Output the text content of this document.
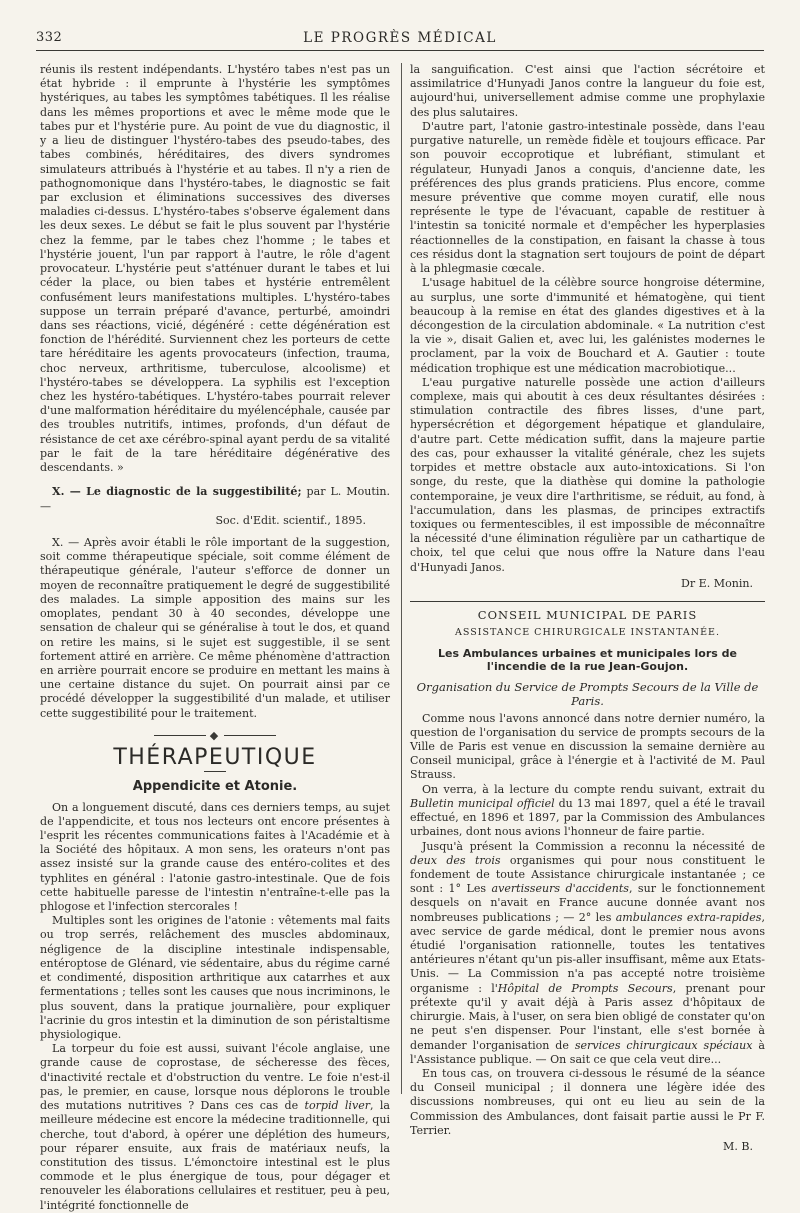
332	LE PROGRÈS MÉDICAL

réunis ils restent indépendants. L'hystéro tabes n'est pas un état hybride : il emprunte à l'hystérie les symptômes hystériques, au tabes les symptômes tabétiques. Il les réalise dans les mêmes proportions et avec le même mode que le tabes pur et l'hystérie pure. Au point de vue du diagnostic, il y a lieu de distinguer l'hystéro-tabes des pseudo-tabes, des tabes combinés, héréditaires, des divers syndromes simulateurs attribués à l'hystérie et au tabes. Il n'y a rien de pathognomonique dans l'hystéro-tabes, le diagnostic se fait par exclusion et éliminations successives des diverses maladies ci-dessus. L'hystéro-tabes s'observe également dans les deux sexes. Le début se fait le plus souvent par l'hystérie chez la femme, par le tabes chez l'homme ; le tabes et l'hystérie jouent, l'un par rapport à l'autre, le rôle d'agent provocateur. L'hystérie peut s'atténuer durant le tabes et lui céder la place, ou bien tabes et hystérie entremêlent confusément leurs manifestations multiples. L'hystéro-tabes suppose un terrain préparé d'avance, perturbé, amoindri dans ses réactions, vicié, dégénéré : cette dégénération est fonction de l'hérédité. Surviennent chez les porteurs de cette tare héréditaire les agents provocateurs (infection, trauma, choc nerveux, arthritisme, tuberculose, alcoolisme) et l'hystéro-tabes se développera. La syphilis est l'exception chez les hystéro-tabétiques. L'hystéro-tabes pourrait relever d'une malformation héréditaire du myélencéphale, causée par des troubles nutritifs, intimes, profonds, d'un défaut de résistance de cet axe cérébro-spinal ayant perdu de sa vitalité par le fait de la tare héréditaire dégénérative des descendants. »

X. — Le diagnostic de la suggestibilité; par L. Moutin. —

Soc. d'Edit. scientif., 1895.

X. — Après avoir établi le rôle important de la suggestion, soit comme thérapeutique spéciale, soit comme élément de thérapeutique générale, l'auteur s'efforce de donner un moyen de reconnaître pratiquement le degré de suggestibilité des malades. La simple apposition des mains sur les omoplates, pendant 30 à 40 secondes, développe une sensation de chaleur qui se généralise à tout le dos, et quand on retire les mains, si le sujet est suggestible, il se sent fortement attiré en arrière. Ce même phénomène d'attraction en arrière pourrait encore se produire en mettant les mains à une certaine distance du sujet. On pourrait ainsi par ce procédé développer la suggestibilité d'un malade, et utiliser cette suggestibilité pour le traitement.

◆
THÉRAPEUTIQUE
Appendicite et Atonie.

On a longuement discuté, dans ces derniers temps, au sujet de l'appendicite, et tous nos lecteurs ont encore présentes à l'esprit les récentes communications faites à l'Académie et à la Société des hôpitaux. A mon sens, les orateurs n'ont pas assez insisté sur la grande cause des entéro-colites et des typhlites en général : l'atonie gastro-intestinale. Que de fois cette habituelle paresse de l'intestin n'entraîne-t-elle pas la phlogose et l'infection stercorales !

Multiples sont les origines de l'atonie : vêtements mal faits ou trop serrés, relâchement des muscles abdominaux, négligence de la discipline intestinale indispensable, entéroptose de Glénard, vie sédentaire, abus du régime carné et condimenté, disposition arthritique aux catarrhes et aux fermentations ; telles sont les causes que nous incriminons, le plus souvent, dans la pratique journalière, pour expliquer l'acrinie du gros intestin et la diminution de son péristaltisme physiologique.

La torpeur du foie est aussi, suivant l'école anglaise, une grande cause de coprostase, de sécheresse des fèces, d'inactivité rectale et d'obstruction du ventre. Le foie n'est-il pas, le premier, en cause, lorsque nous déplorons le trouble des mutations nutritives ? Dans ces cas de torpid liver, la meilleure médecine est encore la médecine traditionnelle, qui cherche, tout d'abord, à opérer une déplétion des humeurs, pour réparer ensuite, aux frais de matériaux neufs, la constitution des tissus. L'émonctoire intestinal est le plus commode et le plus énergique de tous, pour dégager et renouveler les élaborations cellulaires et restituer, peu à peu, l'intégrité fonctionnelle de

la sanguification. C'est ainsi que l'action sécrétoire et assimilatrice d'Hunyadi Janos contre la langueur du foie est, aujourd'hui, universellement admise comme une prophylaxie des plus salutaires.

D'autre part, l'atonie gastro-intestinale possède, dans l'eau purgative naturelle, un remède fidèle et toujours efficace. Par son pouvoir eccoprotique et lubréfiant, stimulant et régulateur, Hunyadi Janos a conquis, d'ancienne date, les préférences des plus grands praticiens. Plus encore, comme mesure préventive que comme moyen curatif, elle nous représente le type de l'évacuant, capable de restituer à l'intestin sa tonicité normale et d'empêcher les hyperplasies réactionnelles de la constipation, en faisant la chasse à tous ces résidus dont la stagnation sert toujours de point de départ à la phlegmasie cœcale.

L'usage habituel de la célèbre source hongroise détermine, au surplus, une sorte d'immunité et hématogène, qui tient beaucoup à la remise en état des glandes digestives et à la décongestion de la circulation abdominale. « La nutrition c'est la vie », disait Galien et, avec lui, les galénistes modernes le proclament, par la voix de Bouchard et A. Gautier : toute médication trophique est une médication macrobiotique...

L'eau purgative naturelle possède une action d'ailleurs complexe, mais qui aboutit à ces deux résultantes désirées : stimulation contractile des fibres lisses, d'une part, hypersécrétion et dégorgement hépatique et glandulaire, d'autre part. Cette médication suffit, dans la majeure partie des cas, pour exhausser la vitalité générale, chez les sujets torpides et mettre obstacle aux auto-intoxications. Si l'on songe, du reste, que la diathèse qui domine la pathologie contemporaine, je veux dire l'arthritisme, se réduit, au fond, à l'accumulation, dans les plasmas, de principes extractifs toxiques ou fermentescibles, il est impossible de méconnaître la nécessité d'une élimination régulière par un cathartique de choix, tel que celui que nous offre la Nature dans l'eau d'Hunyadi Janos.

Dr E. Monin.

CONSEIL MUNICIPAL DE PARIS
ASSISTANCE CHIRURGICALE INSTANTANÉE.
Les Ambulances urbaines et municipales lors de l'incendie de la rue Jean-Goujon.
Organisation du Service de Prompts Secours de la Ville de Paris.

Comme nous l'avons annoncé dans notre dernier numéro, la question de l'organisation du service de prompts secours de la Ville de Paris est venue en discussion la semaine dernière au Conseil municipal, grâce à l'énergie et à l'activité de M. Paul Strauss.

On verra, à la lecture du compte rendu suivant, extrait du Bulletin municipal officiel du 13 mai 1897, quel a été le travail effectué, en 1896 et 1897, par la Commission des Ambulances urbaines, dont nous avions l'honneur de faire partie.

Jusqu'à présent la Commission a reconnu la nécessité de deux des trois organismes qui pour nous constituent le fondement de toute Assistance chirurgicale instantanée ; ce sont : 1° Les avertisseurs d'accidents, sur le fonctionnement desquels on n'avait en France aucune donnée avant nos nombreuses publications ; — 2° les ambulances extra-rapides, avec service de garde médical, dont le premier nous avons étudié l'organisation rationnelle, toutes les tentatives antérieures n'étant qu'un pis-aller insuffisant, même aux Etats-Unis. — La Commission n'a pas accepté notre troisième organisme : l'Hôpital de Prompts Secours, prenant pour prétexte qu'il y avait déjà à Paris assez d'hôpitaux de chirurgie. Mais, à l'user, on sera bien obligé de constater qu'on ne peut s'en dispenser. Pour l'instant, elle s'est bornée à demander l'organisation de services chirurgicaux spéciaux à l'Assistance publique. — On sait ce que cela veut dire...

En tous cas, on trouvera ci-dessous le résumé de la séance du Conseil municipal ; il donnera une légère idée des discussions nombreuses, qui ont eu lieu au sein de la Commission des Ambulances, dont faisait partie aussi le Pr F. Terrier.

M. B.
